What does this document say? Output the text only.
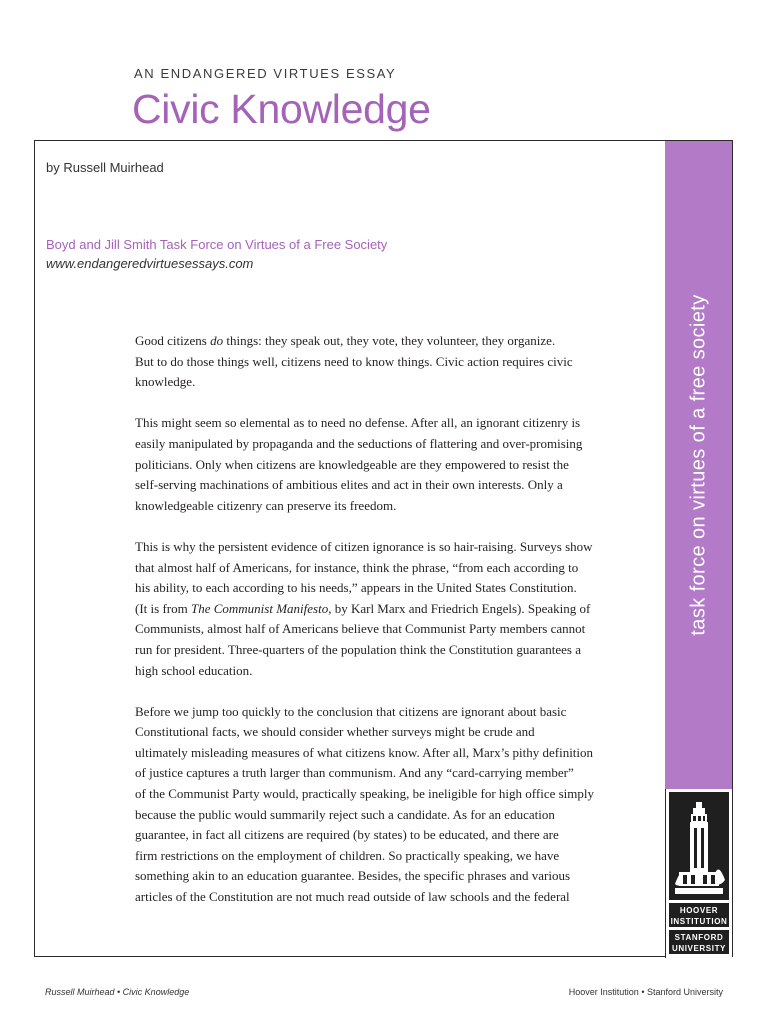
AN ENDANGERED VIRTUES ESSAY
Civic Knowledge
by Russell Muirhead
Boyd and Jill Smith Task Force on Virtues of a Free Society
www.endangeredvirtuesessays.com

Good citizens do things: they speak out, they vote, they volunteer, they organize.
But to do those things well, citizens need to know things. Civic action requires civic
knowledge.

This might seem so elemental as to need no defense. After all, an ignorant citizenry is
easily manipulated by propaganda and the seductions of flattering and over-promising
politicians. Only when citizens are knowledgeable are they empowered to resist the
self-serving machinations of ambitious elites and act in their own interests. Only a
knowledgeable citizenry can preserve its freedom.

This is why the persistent evidence of citizen ignorance is so hair-raising. Surveys show
that almost half of Americans, for instance, think the phrase, “from each according to
his ability, to each according to his needs,” appears in the United States Constitution.
(It is from The Communist Manifesto, by Karl Marx and Friedrich Engels). Speaking of
Communists, almost half of Americans believe that Communist Party members cannot
run for president. Three-quarters of the population think the Constitution guarantees a
high school education.

Before we jump too quickly to the conclusion that citizens are ignorant about basic
Constitutional facts, we should consider whether surveys might be crude and
ultimately misleading measures of what citizens know. After all, Marx’s pithy definition
of justice captures a truth larger than communism. And any “card-carrying member”
of the Communist Party would, practically speaking, be ineligible for high office simply
because the public would summarily reject such a candidate. As for an education
guarantee, in fact all citizens are required (by states) to be educated, and there are
firm restrictions on the employment of children. So practically speaking, we have
something akin to an education guarantee. Besides, the specific phrases and various
articles of the Constitution are not much read outside of law schools and the federal

task force on virtues of a free society
HOOVER
INSTITUTION
STANFORD
UNIVERSITY
Russell Muirhead • Civic Knowledge	Hoover Institution • Stanford University
